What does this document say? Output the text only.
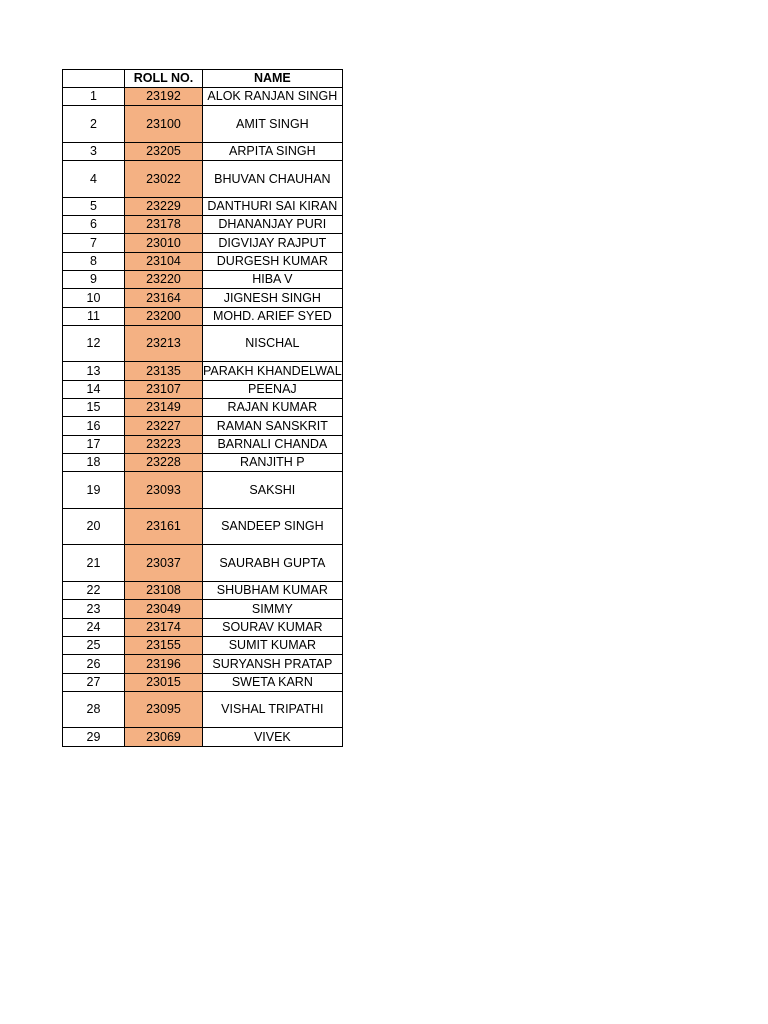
	ROLL NO.	NAME
1	23192	ALOK RANJAN SINGH
2	23100	AMIT SINGH
3	23205	ARPITA SINGH
4	23022	BHUVAN CHAUHAN
5	23229	DANTHURI SAI KIRAN
6	23178	DHANANJAY PURI
7	23010	DIGVIJAY RAJPUT
8	23104	DURGESH KUMAR
9	23220	HIBA V
10	23164	JIGNESH SINGH
11	23200	MOHD. ARIEF SYED
12	23213	NISCHAL
13	23135	PARAKH KHANDELWAL
14	23107	PEENAJ
15	23149	RAJAN KUMAR
16	23227	RAMAN SANSKRIT
17	23223	BARNALI CHANDA
18	23228	RANJITH P
19	23093	SAKSHI
20	23161	SANDEEP SINGH
21	23037	SAURABH GUPTA
22	23108	SHUBHAM KUMAR
23	23049	SIMMY
24	23174	SOURAV KUMAR
25	23155	SUMIT KUMAR
26	23196	SURYANSH PRATAP
27	23015	SWETA KARN
28	23095	VISHAL TRIPATHI
29	23069	VIVEK
